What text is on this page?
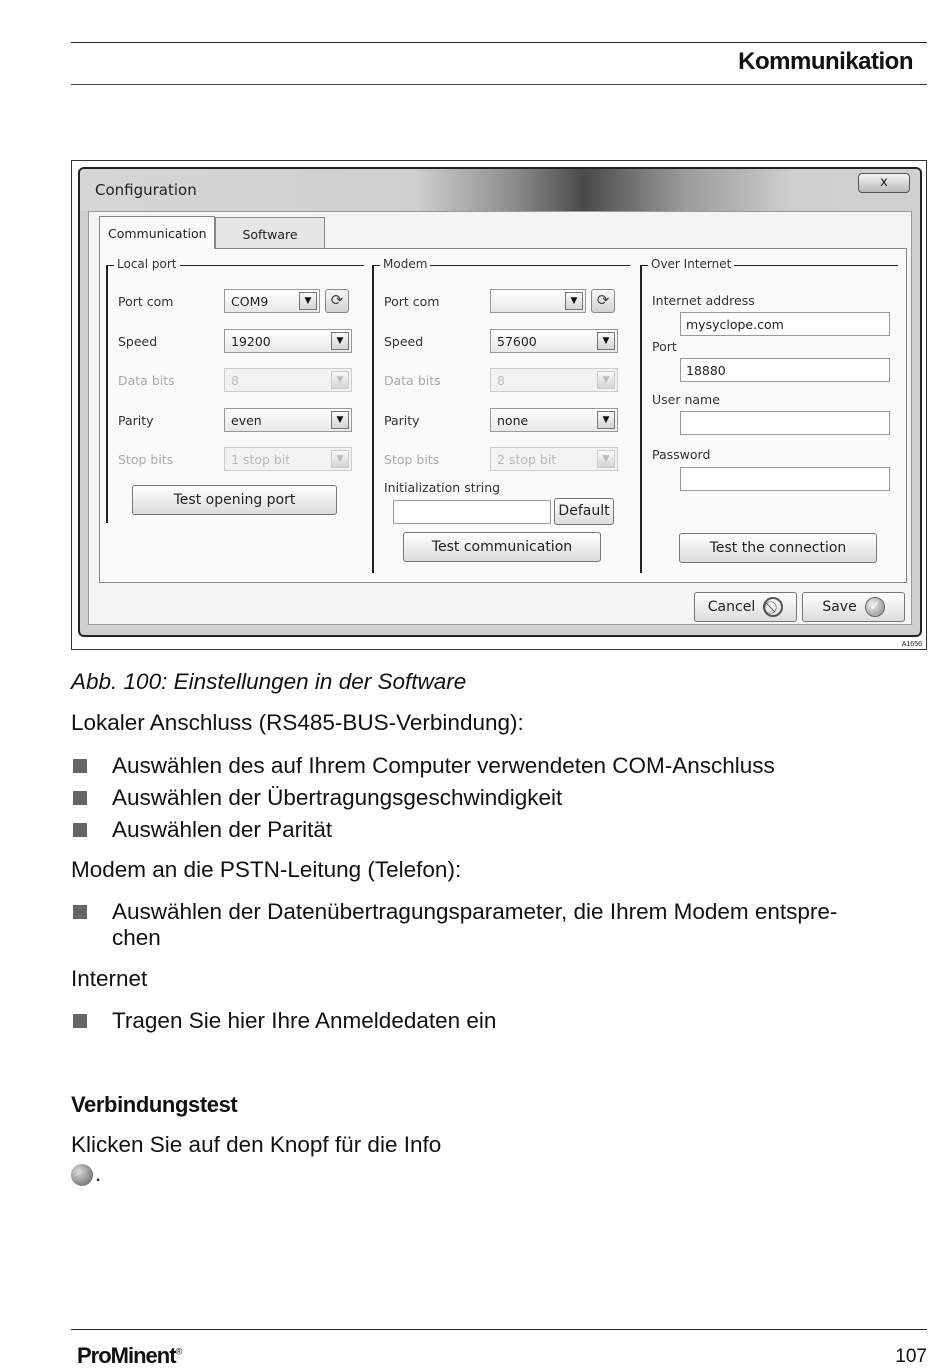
Kommunikation
Configuration	x
Communication	Software
Local port
Port com	COM9	▼	⟳
Speed	19200	▼
Data bits	8	▼
Parity	even	▼
Stop bits	1 stop bit	▼
Test opening port
Modem
Port com	▼	⟳
Speed	57600	▼
Data bits	8	▼
Parity	none	▼
Stop bits	2 stop bit	▼
Initialization string
Default
Test communication
Over Internet
Internet address
mysyclope.com
Port
18880
User name
Password
Test the connection
Cancel	Save ✓
A1656
Abb. 100: Einstellungen in der Software
Lokaler Anschluss (RS485-BUS-Verbindung):
Auswählen des auf Ihrem Computer verwendeten COM-Anschluss
Auswählen der Übertragungsgeschwindigkeit
Auswählen der Parität
Modem an die PSTN-Leitung (Telefon):
Auswählen der Datenübertragungsparameter, die Ihrem Modem entspre-
chen
Internet
Tragen Sie hier Ihre Anmeldedaten ein
Verbindungstest
Klicken Sie auf den Knopf für die Info
.
ProMinent®	107
